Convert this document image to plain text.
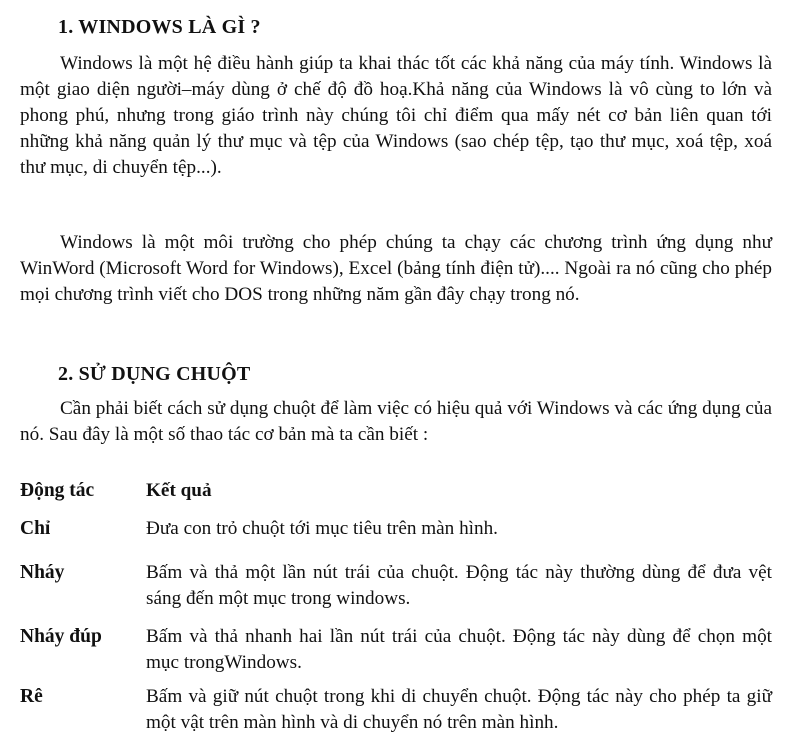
1. WINDOWS LÀ GÌ ?
Windows là một hệ điều hành giúp ta khai thác tốt các khả năng của máy tính. Windows là một giao diện người–máy dùng ở chế độ đồ hoạ.Khả năng của Windows là vô cùng to lớn và phong phú, nhưng trong giáo trình này chúng tôi chỉ điểm qua mấy nét cơ bản liên quan tới những khả năng quản lý thư mục và tệp của Windows (sao chép tệp, tạo thư mục, xoá tệp, xoá thư mục, di chuyển tệp...).
Windows là một môi trường cho phép chúng ta chạy các chương trình ứng dụng như WinWord (Microsoft Word for Windows), Excel (bảng tính điện tử).... Ngoài ra nó cũng cho phép mọi chương trình viết cho DOS trong những năm gần đây chạy trong nó.
2. SỬ DỤNG CHUỘT
Cần phải biết cách sử dụng chuột để làm việc có hiệu quả với Windows và các ứng dụng của nó. Sau đây là một số thao tác cơ bản mà ta cần biết :
Động tác	Kết quả
Chỉ	Đưa con trỏ chuột tới mục tiêu trên màn hình.
Nháy	Bấm và thả một lần nút trái của chuột. Động tác này thường dùng để đưa vệt sáng đến một mục trong windows.
Nháy đúp	Bấm và thả nhanh hai lần nút trái của chuột. Động tác này dùng để chọn một mục trongWindows.
Rê	Bấm và giữ nút chuột trong khi di chuyển chuột. Động tác này cho phép ta giữ một vật trên màn hình và di chuyển nó trên màn hình.
